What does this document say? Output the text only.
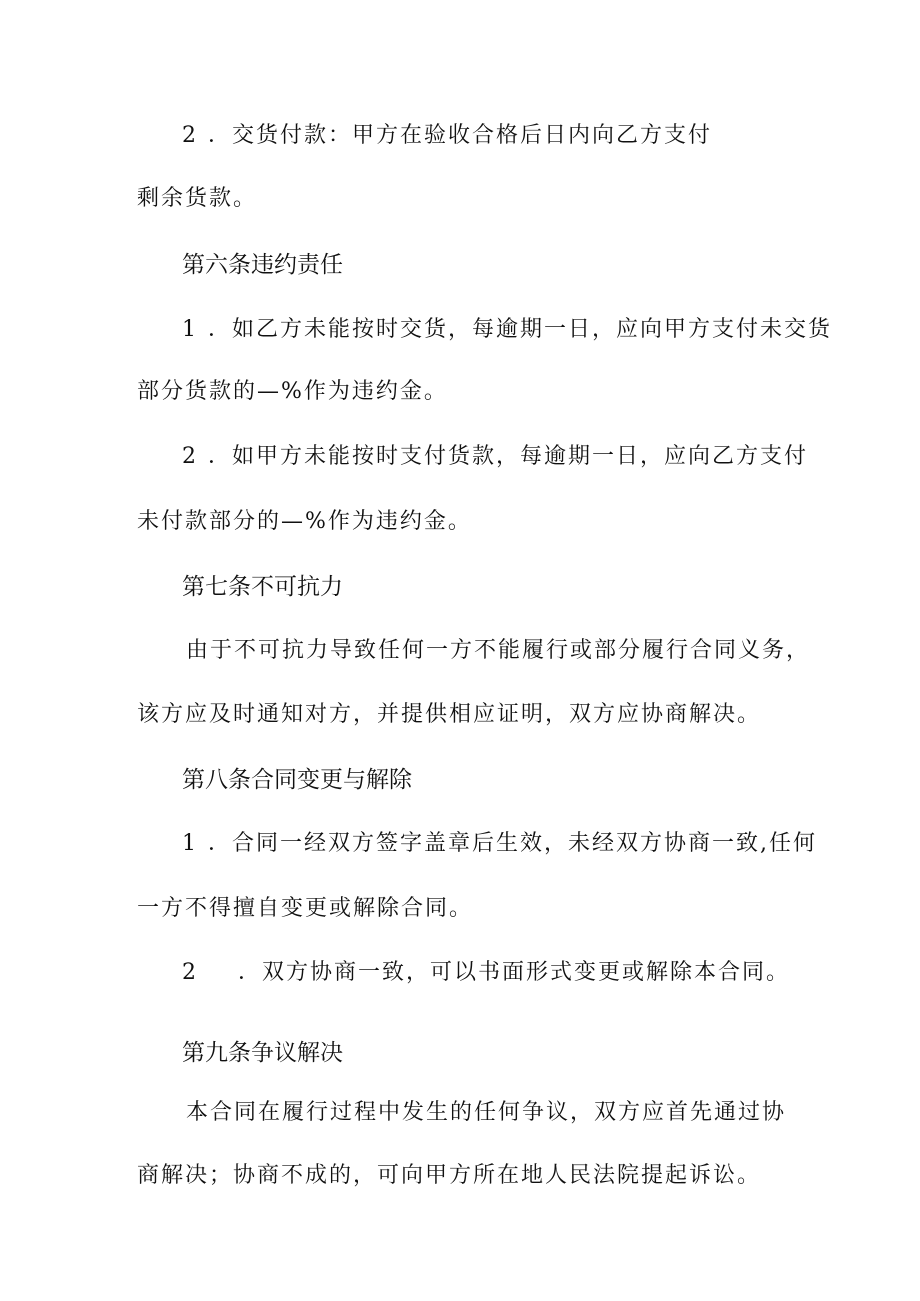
2 ．交货付款：甲方在验收合格后日内向乙方支付
剩余货款。
第六条违约责任
1 ．如乙方未能按时交货，每逾期一日，应向甲方支付未交货
部分货款的—%作为违约金。
2 ．如甲方未能按时支付货款，每逾期一日，应向乙方支付
未付款部分的—%作为违约金。
第七条不可抗力
由于不可抗力导致任何一方不能履行或部分履行合同义务，
该方应及时通知对方，并提供相应证明，双方应协商解决。
第八条合同变更与解除
1 ．合同一经双方签字盖章后生效，未经双方协商一致,任何
一方不得擅自变更或解除合同。
2 ．双方协商一致，可以书面形式变更或解除本合同。
第九条争议解决
本合同在履行过程中发生的任何争议，双方应首先通过协
商解决；协商不成的，可向甲方所在地人民法院提起诉讼。
